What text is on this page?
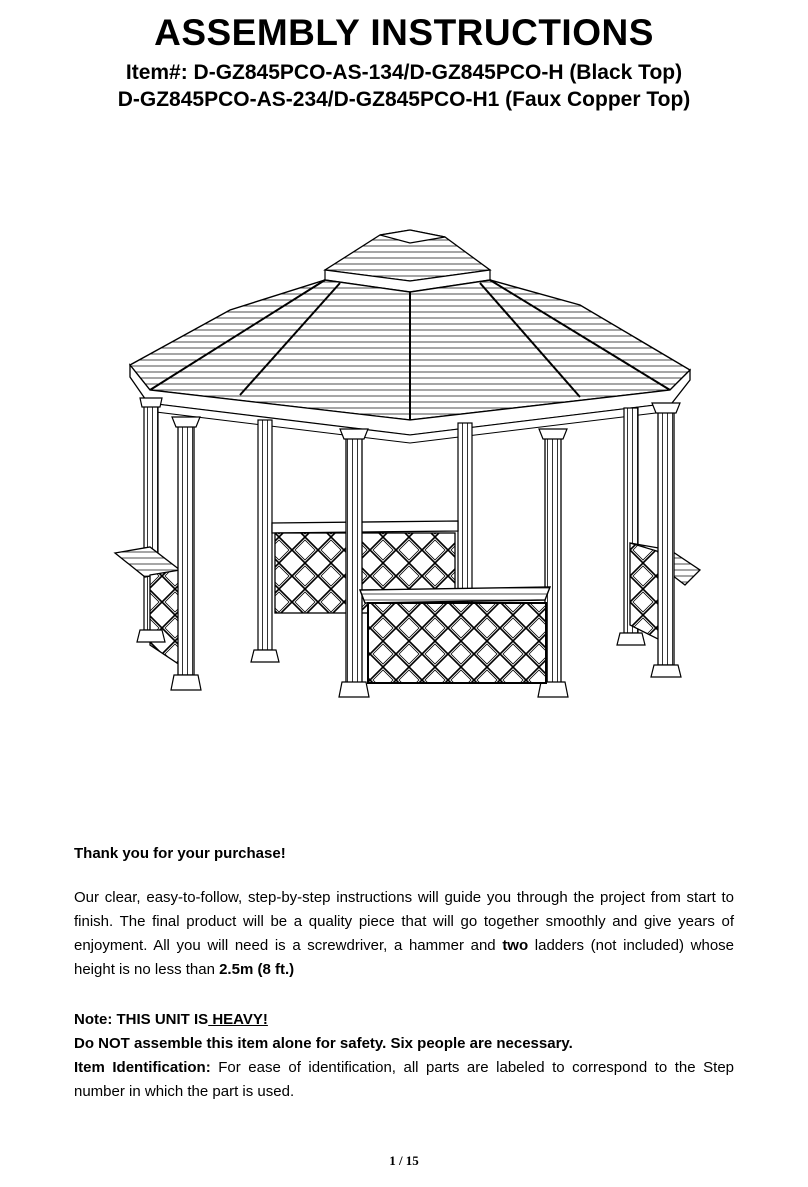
ASSEMBLY INSTRUCTIONS
Item#: D-GZ845PCO-AS-134/D-GZ845PCO-H (Black Top)
D-GZ845PCO-AS-234/D-GZ845PCO-H1 (Faux Copper Top)
Thank you for your purchase!
Our clear, easy-to-follow, step-by-step instructions will guide you through the project from start to finish. The final product will be a quality piece that will go together smoothly and give years of enjoyment. All you will need is a screwdriver, a hammer and two ladders (not included) whose height is no less than 2.5m (8 ft.)
Note: THIS UNIT IS HEAVY!
Do NOT assemble this item alone for safety. Six people are necessary.
Item Identification: For ease of identification, all parts are labeled to correspond to the Step number in which the part is used.
1 / 15
